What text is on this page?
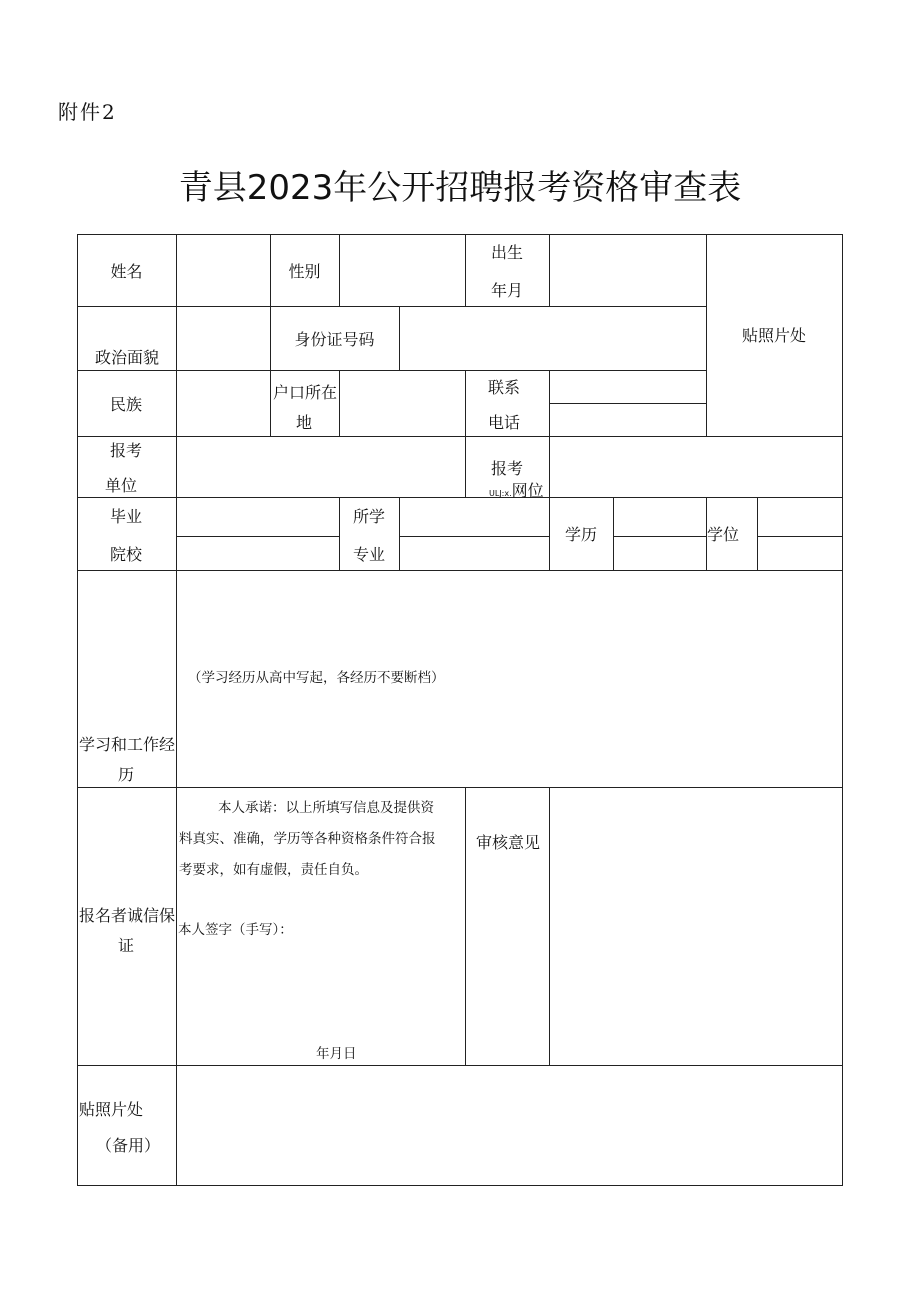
附件2
青县2023年公开招聘报考资格审查表
姓名	性别
出生
年月
贴照片处
政治面貌
身份证号码
民族
户口所在
地
联系
电话
报考
单位
报考
ULJ:x.网位
毕业
院校
所学
专业
学历	学位
学习和工作经
历
（学习经历从高中写起，各经历不要断档）
报名者诚信保
证
本人承诺：以上所填写信息及提供资
料真实、准确，学历等各种资格条件符合报
考要求，如有虚假，责任自负。
本人签字（手写）：
年月日
审核意见
贴照片处
（备用）
